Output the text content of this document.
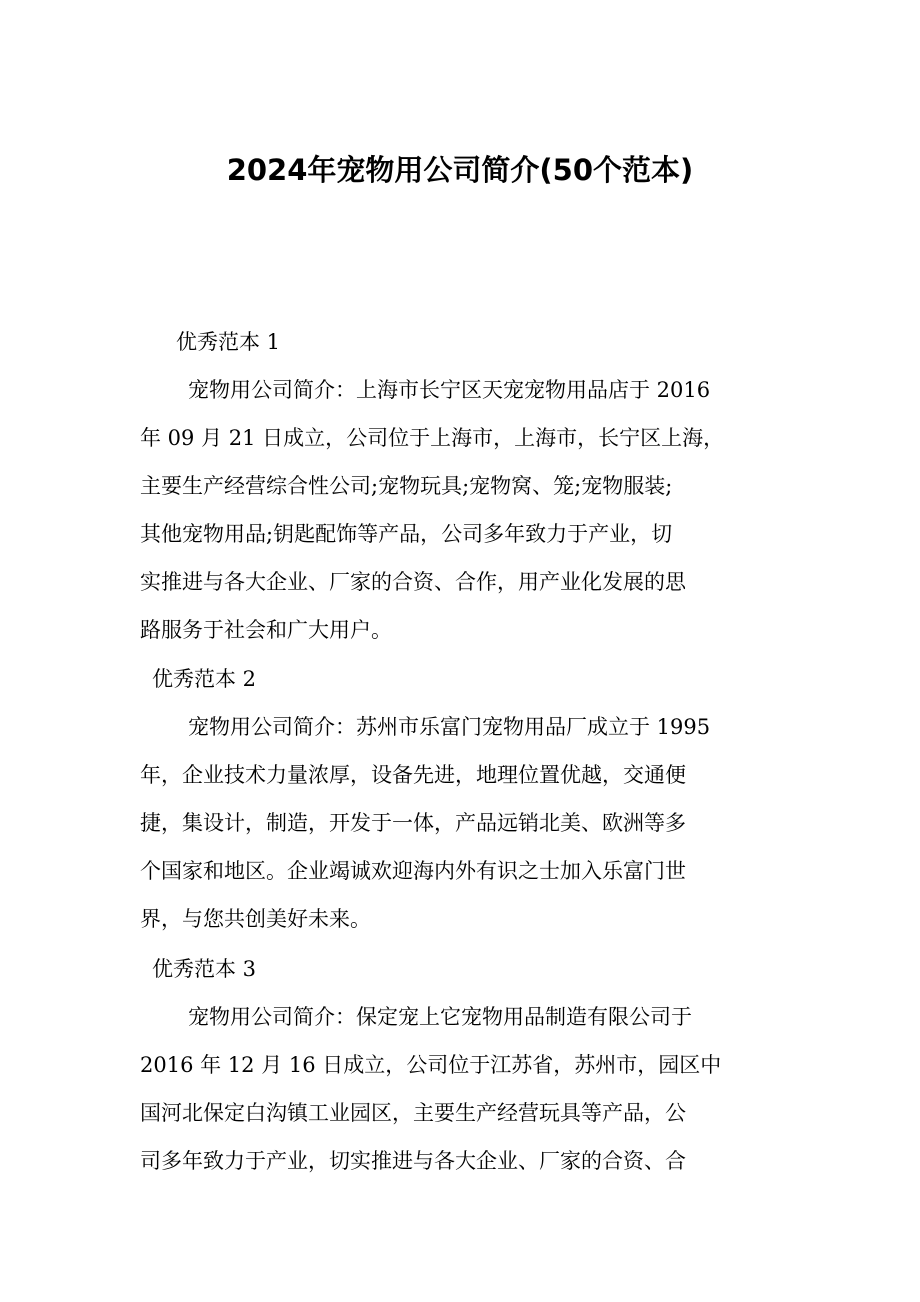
2024年宠物用公司简介(50个范本)

优秀范本 1

宠物用公司简介：上海市长宁区天宠宠物用品店于 2016
年 09 月 21 日成立，公司位于上海市，上海市，长宁区上海，
主要生产经营综合性公司;宠物玩具;宠物窝、笼;宠物服装;
其他宠物用品;钥匙配饰等产品，公司多年致力于产业，切
实推进与各大企业、厂家的合资、合作，用产业化发展的思
路服务于社会和广大用户。

优秀范本 2

宠物用公司简介：苏州市乐富门宠物用品厂成立于 1995
年，企业技术力量浓厚，设备先进，地理位置优越，交通便
捷，集设计，制造，开发于一体，产品远销北美、欧洲等多
个国家和地区。企业竭诚欢迎海内外有识之士加入乐富门世
界，与您共创美好未来。

优秀范本 3

宠物用公司简介：保定宠上它宠物用品制造有限公司于
2016 年 12 月 16 日成立，公司位于江苏省，苏州市，园区中
国河北保定白沟镇工业园区，主要生产经营玩具等产品，公
司多年致力于产业，切实推进与各大企业、厂家的合资、合
